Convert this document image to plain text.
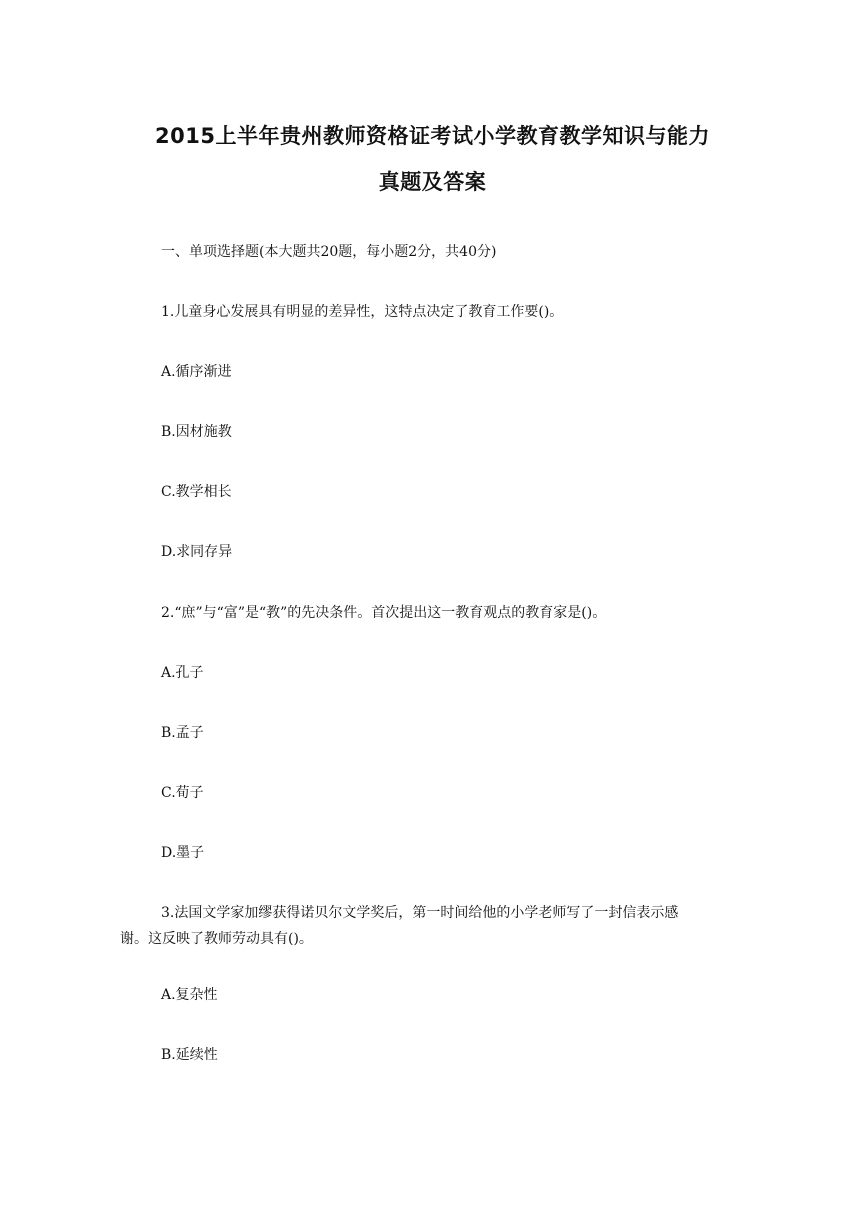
2015上半年贵州教师资格证考试小学教育教学知识与能力
真题及答案
一、单项选择题(本大题共20题，每小题2分，共40分)
1.儿童身心发展具有明显的差异性，这特点决定了教育工作要()。
A.循序渐进
B.因材施教
C.教学相长
D.求同存异
2.“庶”与“富”是“教”的先决条件。首次提出这一教育观点的教育家是()。
A.孔子
B.孟子
C.荀子
D.墨子
3.法国文学家加缪获得诺贝尔文学奖后，第一时间给他的小学老师写了一封信表示感
谢。这反映了教师劳动具有()。
A.复杂性
B.延续性
